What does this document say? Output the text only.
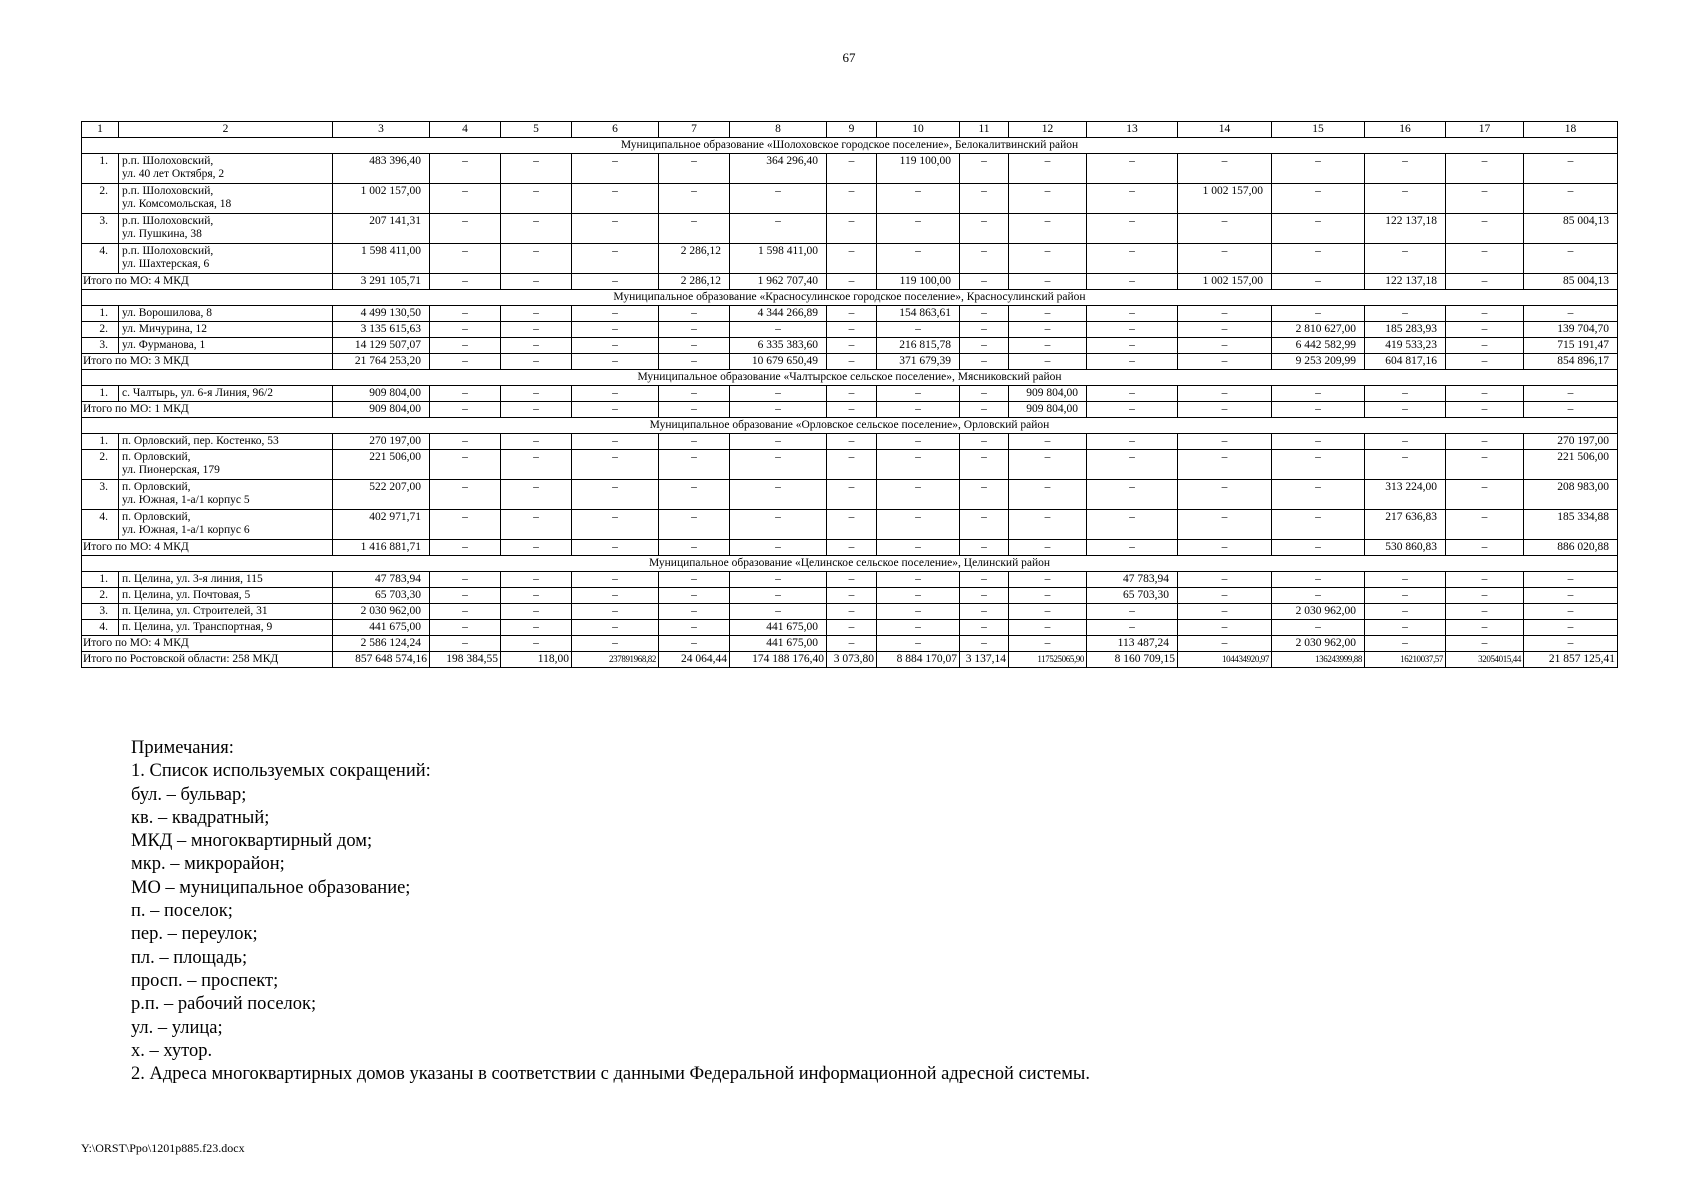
67
1	2	3	4	5	6	7	8	9	10	11	12	13	14	15	16	17	18
Муниципальное образование «Шолоховское городское поселение», Белокалитвинский район																	
1.	р.п. Шолоховский,
ул. 40 лет Октября, 2	483 396,40	–	–	–	–	364 296,40	–	119 100,00	–	–	–	–	–	–	–	–
2.	р.п. Шолоховский,
ул. Комсомольская, 18	1 002 157,00	–	–	–	–	–	–	–	–	–	–	1 002 157,00	–	–	–	–
3.	р.п. Шолоховский,
ул. Пушкина, 38	207 141,31	–	–	–	–	–	–	–	–	–	–	–	–	122 137,18	–	85 004,13
4.	р.п. Шолоховский,
ул. Шахтерская, 6	1 598 411,00	–	–	–	2 286,12	1 598 411,00	–	–	–	–	–	–	–	–	–	–
Итого по МО: 4 МКД		3 291 105,71	–	–	–	2 286,12	1 962 707,40	–	119 100,00	–	–	–	1 002 157,00	–	122 137,18	–	85 004,13
Муниципальное образование «Красносулинское городское поселение», Красносулинский район																	
1.	ул. Ворошилова, 8	4 499 130,50	–	–	–	–	4 344 266,89	–	154 863,61	–	–	–	–	–	–	–	–
2.	ул. Мичурина, 12	3 135 615,63	–	–	–	–	–	–	–	–	–	–	–	2 810 627,00	185 283,93	–	139 704,70
3.	ул. Фурманова, 1	14 129 507,07	–	–	–	–	6 335 383,60	–	216 815,78	–	–	–	–	6 442 582,99	419 533,23	–	715 191,47
Итого по МО: 3 МКД		21 764 253,20	–	–	–	–	10 679 650,49	–	371 679,39	–	–	–	–	9 253 209,99	604 817,16	–	854 896,17
Муниципальное образование «Чалтырское сельское поселение», Мясниковский район																	
1.	с. Чалтырь, ул. 6-я Линия, 96/2	909 804,00	–	–	–	–	–	–	–	–	909 804,00	–	–	–	–	–	–
Итого по МО: 1 МКД		909 804,00	–	–	–	–	–	–	–	–	909 804,00	–	–	–	–	–	–
Муниципальное образование «Орловское сельское поселение», Орловский район																	
1.	п. Орловский, пер. Костенко, 53	270 197,00	–	–	–	–	–	–	–	–	–	–	–	–	–	–	270 197,00
2.	п. Орловский,
ул. Пионерская, 179	221 506,00	–	–	–	–	–	–	–	–	–	–	–	–	–	–	221 506,00
3.	п. Орловский,
ул. Южная, 1-а/1 корпус 5	522 207,00	–	–	–	–	–	–	–	–	–	–	–	–	313 224,00	–	208 983,00
4.	п. Орловский,
ул. Южная, 1-а/1 корпус 6	402 971,71	–	–	–	–	–	–	–	–	–	–	–	–	217 636,83	–	185 334,88
Итого по МО: 4 МКД		1 416 881,71	–	–	–	–	–	–	–	–	–	–	–	–	530 860,83	–	886 020,88
Муниципальное образование «Целинское сельское поселение», Целинский район																	
1.	п. Целина, ул. 3-я линия, 115	47 783,94	–	–	–	–	–	–	–	–	–	47 783,94	–	–	–	–	–
2.	п. Целина, ул. Почтовая, 5	65 703,30	–	–	–	–	–	–	–	–	–	65 703,30	–	–	–	–	–
3.	п. Целина, ул. Строителей, 31	2 030 962,00	–	–	–	–	–	–	–	–	–	–	–	2 030 962,00	–	–	–
4.	п. Целина, ул. Транспортная, 9	441 675,00	–	–	–	–	441 675,00	–	–	–	–	–	–	–	–	–	–
Итого по МО: 4 МКД		2 586 124,24	–	–	–	–	441 675,00	–	–	–	–	113 487,24	–	2 030 962,00	–	–	–
Итого по Ростовской области: 258 МКД		857 648 574,16	198 384,55	118,00	237891968,82	24 064,44	174 188 176,40	3 073,80	8 884 170,07	3 137,14	117525065,90	8 160 709,15	104434920,97	136243999,88	16210037,57	32054015,44	21 857 125,41
Примечания:
1. Список используемых сокращений:
бул. – бульвар;
кв. – квадратный;
МКД – многоквартирный дом;
мкр. – микрорайон;
МО – муниципальное образование;
п. – поселок;
пер. – переулок;
пл. – площадь;
просп. – проспект;
р.п. – рабочий поселок;
ул. – улица;
х. – хутор.
2. Адреса многоквартирных домов указаны в соответствии с данными Федеральной информационной адресной системы.
Y:\ORST\Ppo\1201p885.f23.docx
